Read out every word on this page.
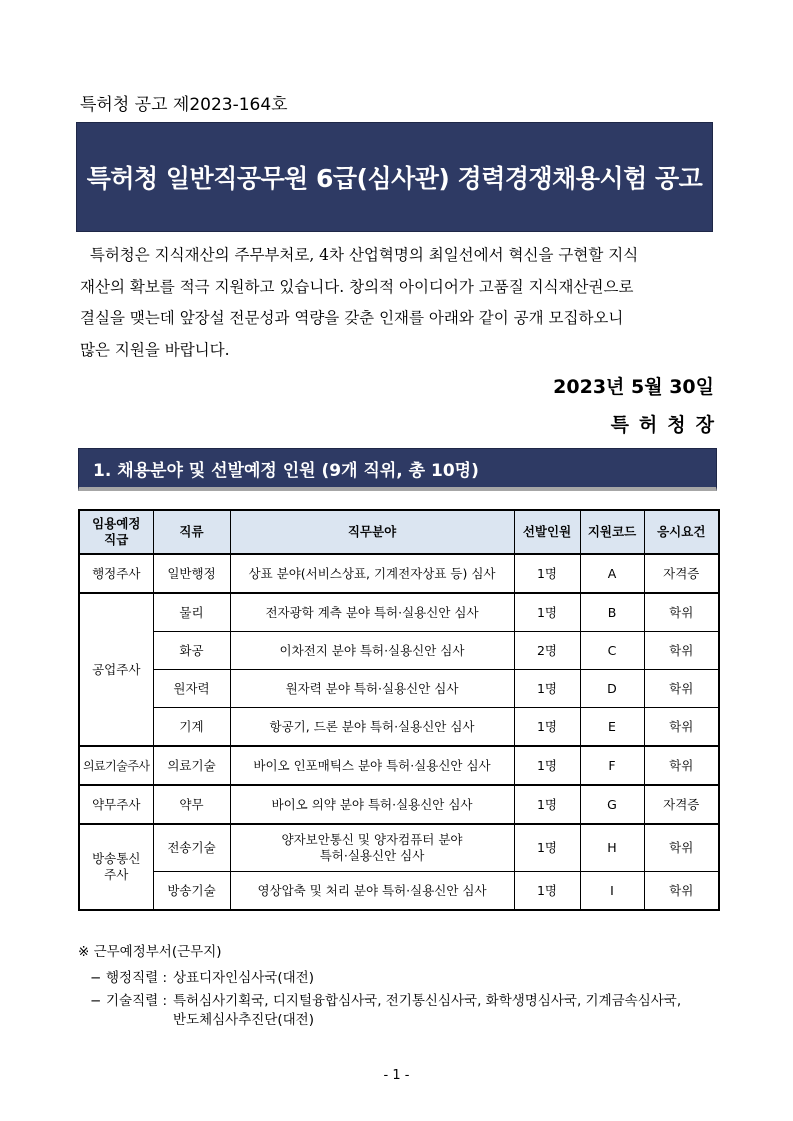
특허청 공고 제2023-164호
특허청 일반직공무원 6급(심사관) 경력경쟁채용시험 공고
특허청은 지식재산의 주무부처로, 4차 산업혁명의 최일선에서 혁신을 구현할 지식
재산의 확보를 적극 지원하고 있습니다. 창의적 아이디어가 고품질 지식재산권으로
결실을 맺는데 앞장설 전문성과 역량을 갖춘 인재를 아래와 같이 공개 모집하오니
많은 지원을 바랍니다.
2023년 5월 30일
특허청장
1. 채용분야 및 선발예정 인원 (9개 직위, 총 10명)
임용예정
직급	직류	직무분야	선발인원	지원코드	응시요건
행정주사	일반행정	상표 분야(서비스상표, 기계전자상표 등) 심사	1명	A	자격증
공업주사	물리	전자광학 계측 분야 특허·실용신안 심사	1명	B	학위
	화공	이차전지 분야 특허·실용신안 심사	2명	C	학위
	원자력	원자력 분야 특허·실용신안 심사	1명	D	학위
	기계	항공기, 드론 분야 특허·실용신안 심사	1명	E	학위
의료기술주사	의료기술	바이오 인포매틱스 분야 특허·실용신안 심사	1명	F	학위
약무주사	약무	바이오 의약 분야 특허·실용신안 심사	1명	G	자격증
방송통신
주사	전송기술	양자보안통신 및 양자컴퓨터 분야
특허·실용신안 심사	1명	H	학위
	방송기술	영상압축 및 처리 분야 특허·실용신안 심사	1명	I	학위
※ 근무예정부서(근무지)
− 행정직렬 : 상표디자인심사국(대전)
− 기술직렬 : 특허심사기획국, 디지털융합심사국, 전기통신심사국, 화학생명심사국, 기계금속심사국, 반도체심사추진단(대전)
- 1 -
